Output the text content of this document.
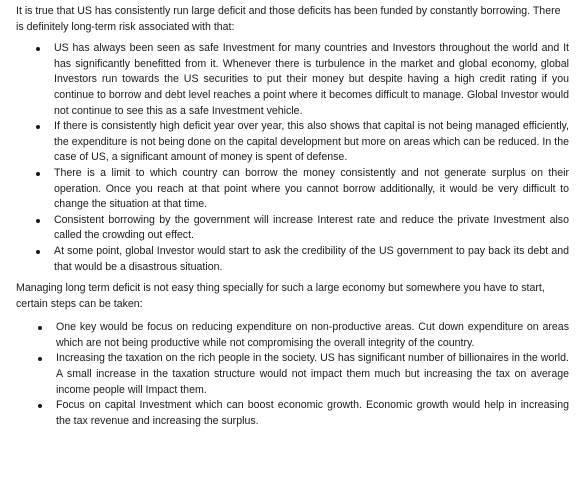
It is true that US has consistently run large deficit and those deficits has been funded by constantly borrowing. There is definitely long-term risk associated with that:

US has always been seen as safe Investment for many countries and Investors throughout the world and It has significantly benefitted from it. Whenever there is turbulence in the market and global economy, global Investors run towards the US securities to put their money but despite having a high credit rating if you continue to borrow and debt level reaches a point where it becomes difficult to manage. Global Investor would not continue to see this as a safe Investment vehicle.
If there is consistently high deficit year over year, this also shows that capital is not being managed efficiently, the expenditure is not being done on the capital development but more on areas which can be reduced. In the case of US, a significant amount of money is spent of defense.
There is a limit to which country can borrow the money consistently and not generate surplus on their operation. Once you reach at that point where you cannot borrow additionally, it would be very difficult to change the situation at that time.
Consistent borrowing by the government will increase Interest rate and reduce the private Investment also called the crowding out effect.
At some point, global Investor would start to ask the credibility of the US government to pay back its debt and that would be a disastrous situation.

Managing long term deficit is not easy thing specially for such a large economy but somewhere you have to start, certain steps can be taken:

One key would be focus on reducing expenditure on non-productive areas. Cut down expenditure on areas which are not being productive while not compromising the overall integrity of the country.
Increasing the taxation on the rich people in the society. US has significant number of billionaires in the world. A small increase in the taxation structure would not impact them much but increasing the tax on average income people will Impact them.
Focus on capital Investment which can boost economic growth. Economic growth would help in increasing the tax revenue and increasing the surplus.
